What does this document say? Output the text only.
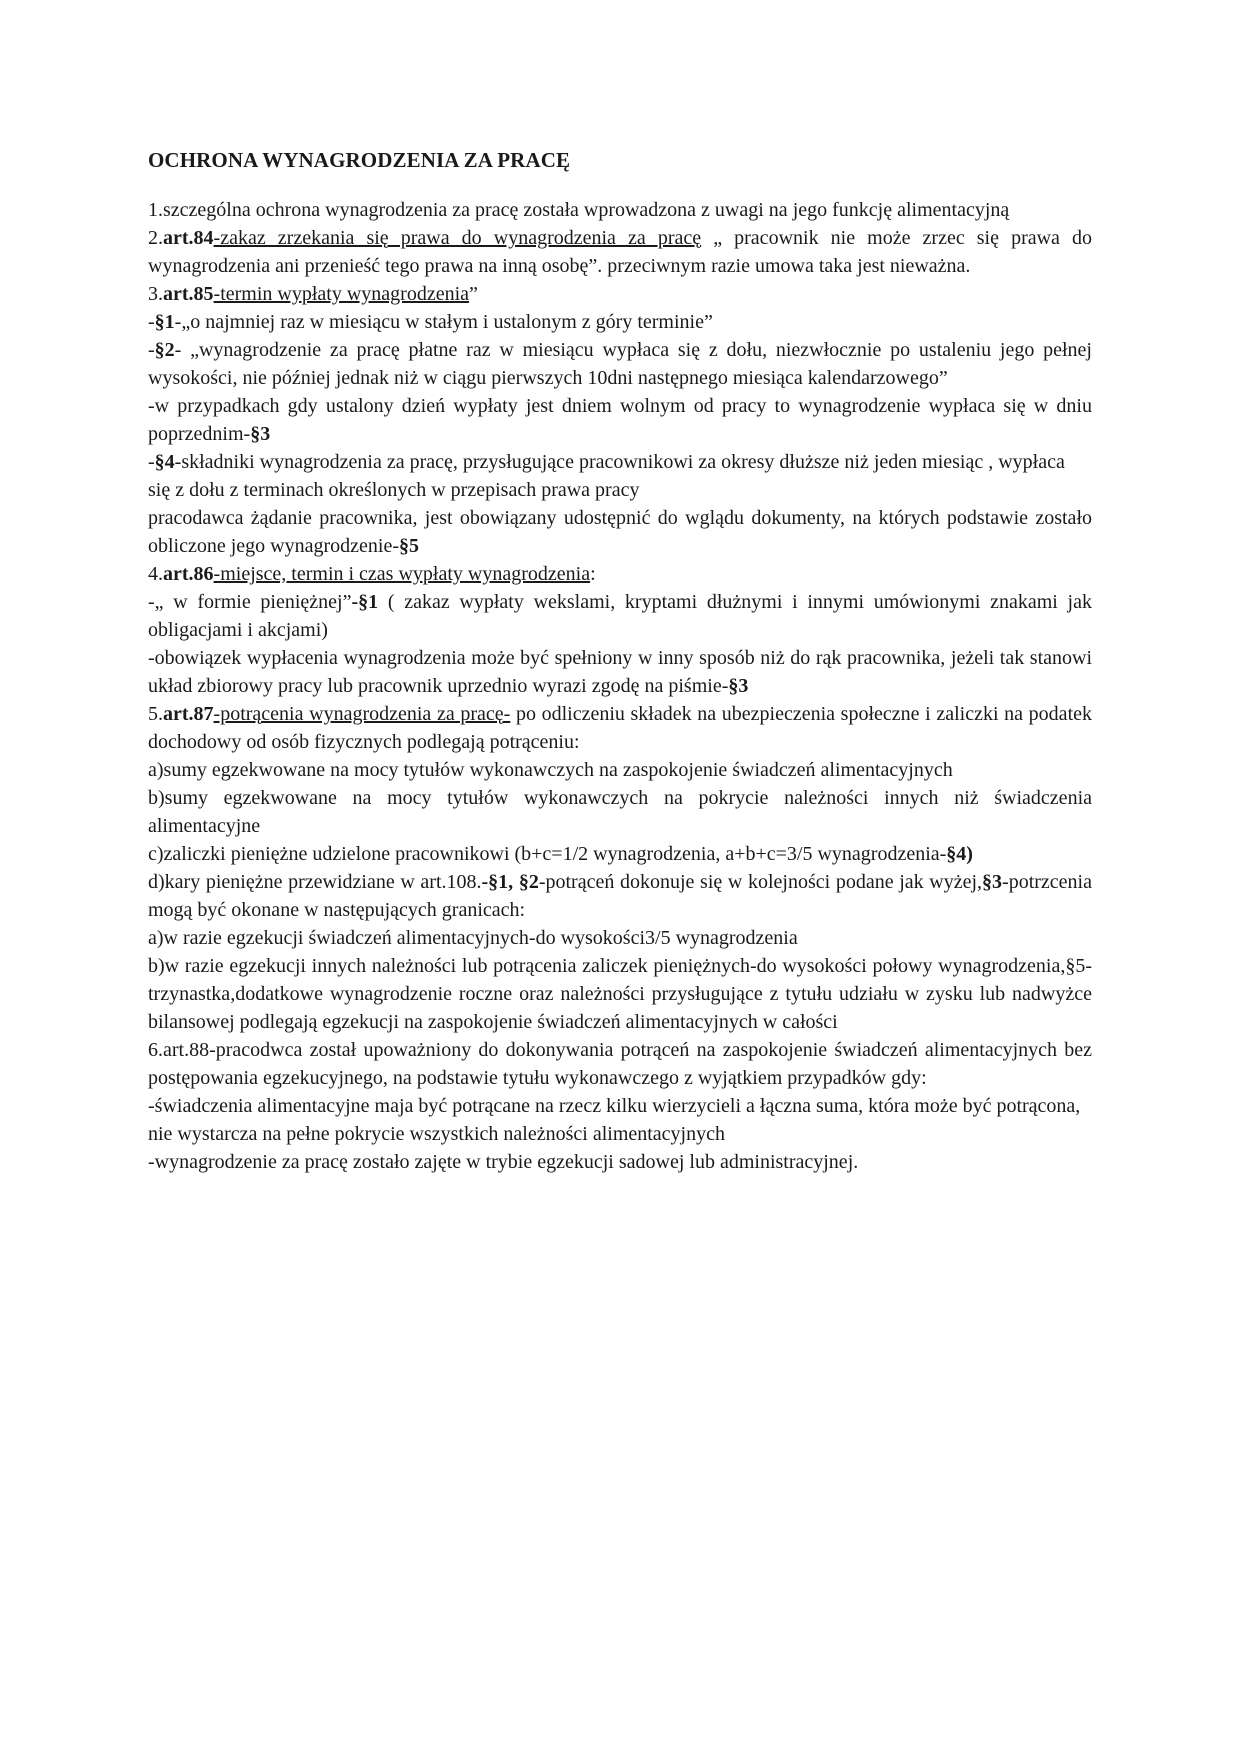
OCHRONA WYNAGRODZENIA ZA PRACĘ

1.szczególna ochrona wynagrodzenia za pracę została wprowadzona z uwagi na jego funkcję alimentacyjną

2.art.84-zakaz zrzekania się prawa do wynagrodzenia za pracę „ pracownik nie może zrzec się prawa do wynagrodzenia ani przenieść tego prawa na inną osobę”. przeciwnym razie umowa taka jest nieważna.

3.art.85-termin wypłaty wynagrodzenia”

-§1-„o najmniej raz w miesiącu w stałym i ustalonym z góry terminie”

-§2- „wynagrodzenie za pracę płatne raz w miesiącu wypłaca się z dołu, niezwłocznie po ustaleniu jego pełnej wysokości, nie później jednak niż w ciągu pierwszych 10dni następnego miesiąca kalendarzowego”

-w przypadkach gdy ustalony dzień wypłaty jest dniem wolnym od pracy to wynagrodzenie wypłaca się w dniu poprzednim-§3

-§4-składniki wynagrodzenia za pracę, przysługujące pracownikowi za okresy dłuższe niż jeden miesiąc , wypłaca się z dołu z terminach określonych w przepisach prawa pracy

pracodawca żądanie pracownika, jest obowiązany udostępnić do wglądu dokumenty, na których podstawie zostało obliczone jego wynagrodzenie-§5

4.art.86-miejsce, termin i czas wypłaty wynagrodzenia:

-„ w formie pieniężnej”-§1 ( zakaz wypłaty wekslami, kryptami dłużnymi i innymi umówionymi znakami jak obligacjami i akcjami)

-obowiązek wypłacenia wynagrodzenia może być spełniony w inny sposób niż do rąk pracownika, jeżeli tak stanowi układ zbiorowy pracy lub pracownik uprzednio wyrazi zgodę na piśmie-§3

5.art.87-potrącenia wynagrodzenia za pracę- po odliczeniu składek na ubezpieczenia społeczne i zaliczki na podatek dochodowy od osób fizycznych podlegają potrąceniu:

a)sumy egzekwowane na mocy tytułów wykonawczych na zaspokojenie świadczeń alimentacyjnych

b)sumy egzekwowane na mocy tytułów wykonawczych na pokrycie należności innych niż świadczenia alimentacyjne

c)zaliczki pieniężne udzielone pracownikowi (b+c=1/2 wynagrodzenia, a+b+c=3/5 wynagrodzenia-§4)

d)kary pieniężne przewidziane w art.108.-§1, §2-potrąceń dokonuje się w kolejności podane jak wyżej,§3-potrzcenia mogą być okonane w następujących granicach:

a)w razie egzekucji świadczeń alimentacyjnych-do wysokości3/5 wynagrodzenia

b)w razie egzekucji innych należności lub potrącenia zaliczek pieniężnych-do wysokości połowy wynagrodzenia,§5-trzynastka,dodatkowe wynagrodzenie roczne oraz należności przysługujące z tytułu udziału w zysku lub nadwyżce bilansowej podlegają egzekucji na zaspokojenie świadczeń alimentacyjnych w całości

6.art.88-pracodwca został upoważniony do dokonywania potrąceń na zaspokojenie świadczeń alimentacyjnych bez postępowania egzekucyjnego, na podstawie tytułu wykonawczego z wyjątkiem przypadków gdy:

-świadczenia alimentacyjne maja być potrącane na rzecz kilku wierzycieli a łączna suma, która może być potrącona, nie wystarcza na pełne pokrycie wszystkich należności alimentacyjnych

-wynagrodzenie za pracę zostało zajęte w trybie egzekucji sadowej lub administracyjnej.
